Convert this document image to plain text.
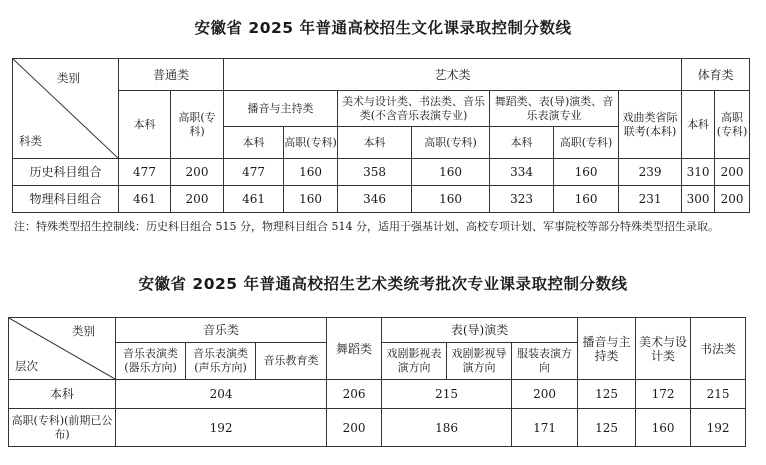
安徽省 2025 年普通高校招生文化课录取控制分数线
类别
科类	普通类		艺术类							体育类	
	本科	高职(专科)	播音与主持类		美术与设计类、书法类、音乐类(不含音乐表演专业)		舞蹈类、表(导)演类、音乐表演专业		戏曲类省际联考(本科)	本科	高职(专科)
			本科	高职(专科)	本科	高职(专科)	本科	高职(专科)			
历史科目组合	477	200	477	160	358	160	334	160	239	310	200
物理科目组合	461	200	461	160	346	160	323	160	231	300	200
注：特殊类型招生控制线：历史科目组合 515 分，物理科目组合 514 分，适用于强基计划、高校专项计划、军事院校等部分特殊类型招生录取。
安徽省 2025 年普通高校招生艺术类统考批次专业课录取控制分数线
类别
层次	音乐类			舞蹈类	表(导)演类			播音与主持类	美术与设计类	书法类
	音乐表演类(器乐方向)	音乐表演类(声乐方向)	音乐教育类		戏剧影视表演方向	戏剧影视导演方向	服装表演方向			
本科	204			206	215		200	125	172	215
高职(专科)(前期已公布)	192			200	186		171	125	160	192
